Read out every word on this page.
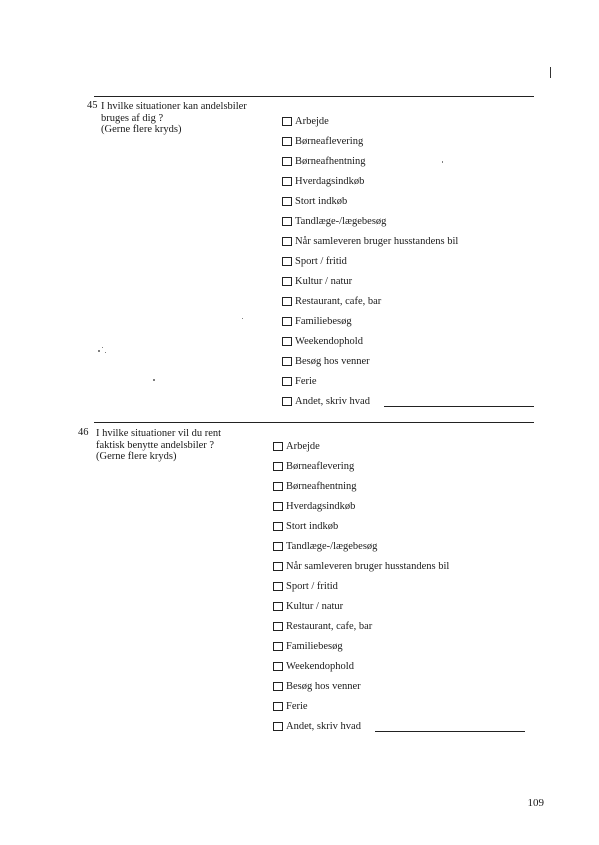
45 I hvilke situationer kan andelsbiler
bruges af dig ?
(Gerne flere kryds)
Arbejde
Børneaflevering
Børneafhentning
Hverdagsindkøb
Stort indkøb
Tandlæge-/lægebesøg
Når samleveren bruger husstandens bil
Sport / fritid
Kultur / natur
Restaurant, cafe, bar
Familiebesøg
Weekendophold
Besøg hos venner
Ferie
Andet, skriv hvad
46 I hvilke situationer vil du rent
faktisk benytte andelsbiler ?
(Gerne flere kryds)
Arbejde
Børneaflevering
Børneafhentning
Hverdagsindkøb
Stort indkøb
Tandlæge-/lægebesøg
Når samleveren bruger husstandens bil
Sport / fritid
Kultur / natur
Restaurant, cafe, bar
Familiebesøg
Weekendophold
Besøg hos venner
Ferie
Andet, skriv hvad
109
